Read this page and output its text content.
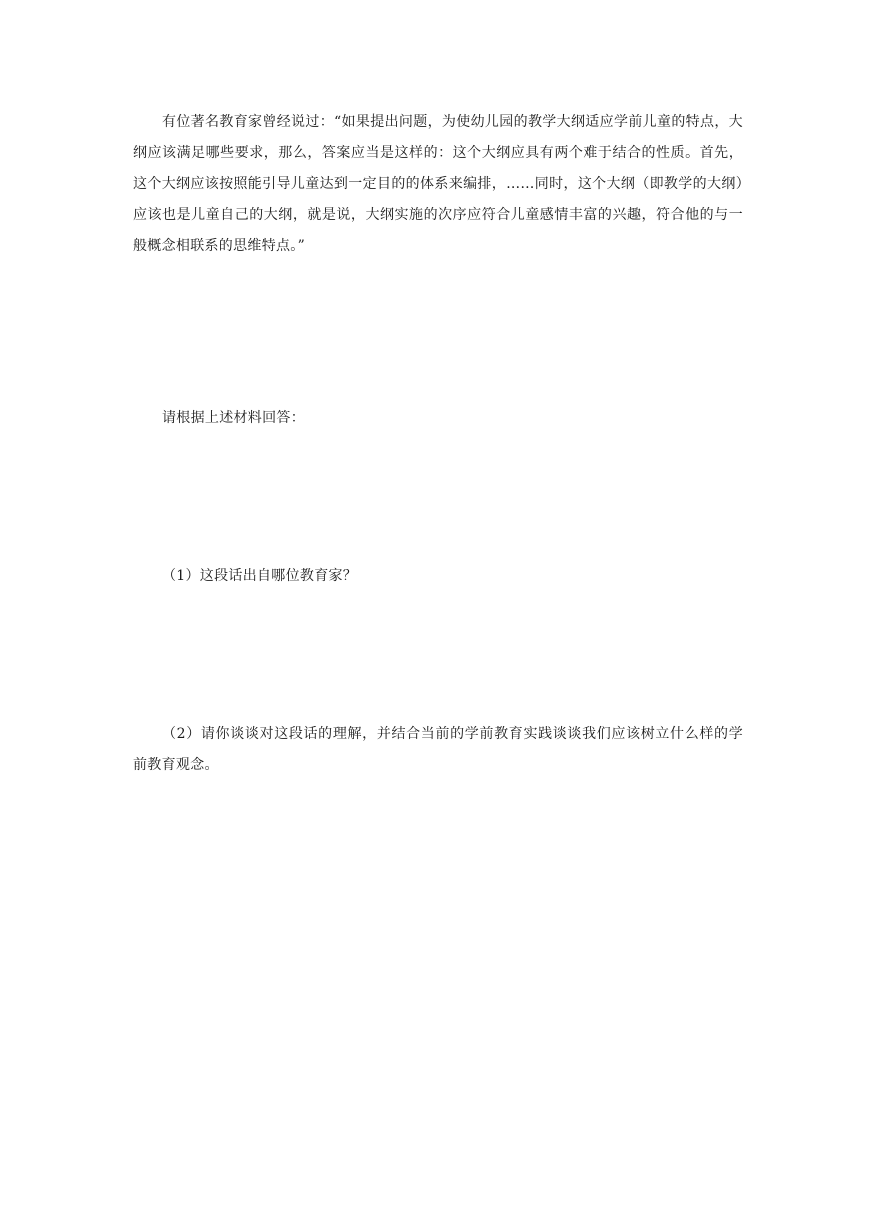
有位著名教育家曾经说过：“如果提出问题，为使幼儿园的教学大纲适应学前儿童的特点，大纲应该满足哪些要求，那么，答案应当是这样的：这个大纲应具有两个难于结合的性质。首先，这个大纲应该按照能引导儿童达到一定目的的体系来编排，……同时，这个大纲（即教学的大纲）应该也是儿童自己的大纲，就是说，大纲实施的次序应符合儿童感情丰富的兴趣，符合他的与一般概念相联系的思维特点。”

请根据上述材料回答：

（1）这段话出自哪位教育家？

（2）请你谈谈对这段话的理解，并结合当前的学前教育实践谈谈我们应该树立什么样的学前教育观念。
